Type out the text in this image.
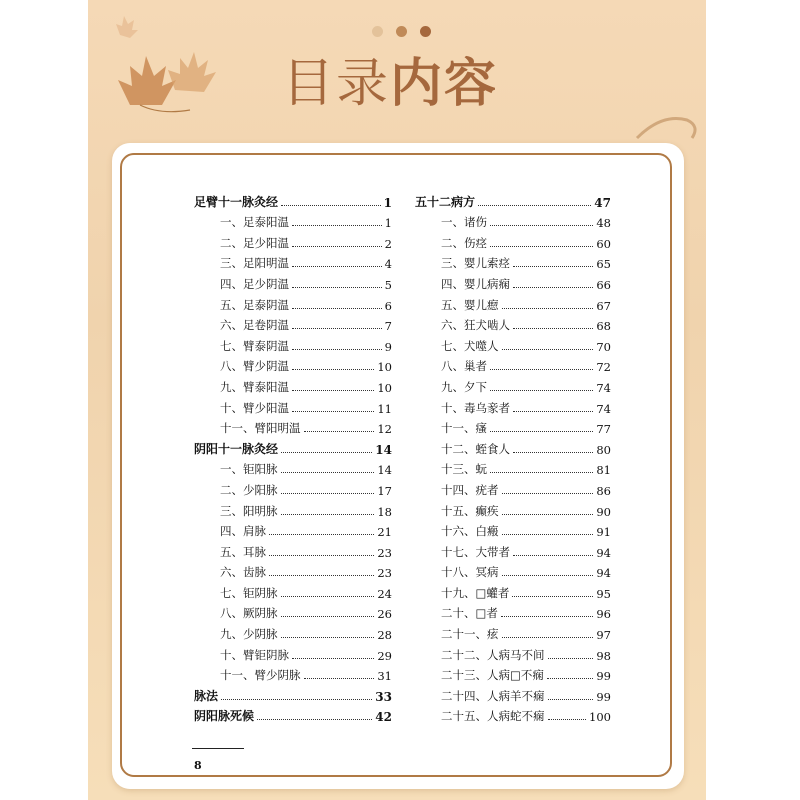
目录内容
足臂十一脉灸经	1
一、足泰阳温	1
二、足少阳温	2
三、足阳明温	4
四、足少阴温	5
五、足泰阴温	6
六、足卷阴温	7
七、臂泰阴温	9
八、臂少阴温	10
九、臂泰阳温	10
十、臂少阳温	11
十一、臂阳明温	12
阴阳十一脉灸经	14
一、钜阳脉	14
二、少阳脉	17
三、阳明脉	18
四、肩脉	21
五、耳脉	23
六、齿脉	23
七、钜阴脉	24
八、厥阴脉	26
九、少阴脉	28
十、臂钜阴脉	29
十一、臂少阴脉	31
脉法	33
阴阳脉死候	42
五十二病方	47
一、诸伤	48
二、伤痉	60
三、婴儿索痉	65
四、婴儿病痫	66
五、婴儿瘛	67
六、狂犬啮人	68
七、犬噬人	70
八、巢者	72
九、夕下	74
十、毒乌豙者	74
十一、瘙	77
十二、蛭食人	80
十三、蚖	81
十四、疣者	86
十五、癫疾	90
十六、白瘢	91
十七、大带者	94
十八、冥病	94
十九、□蠸者	95
二十、□者	96
二十一、痃	97
二十二、人病马不间	98
二十三、人病□不痫	99
二十四、人病羊不痫	99
二十五、人病蛇不痫	100
8
